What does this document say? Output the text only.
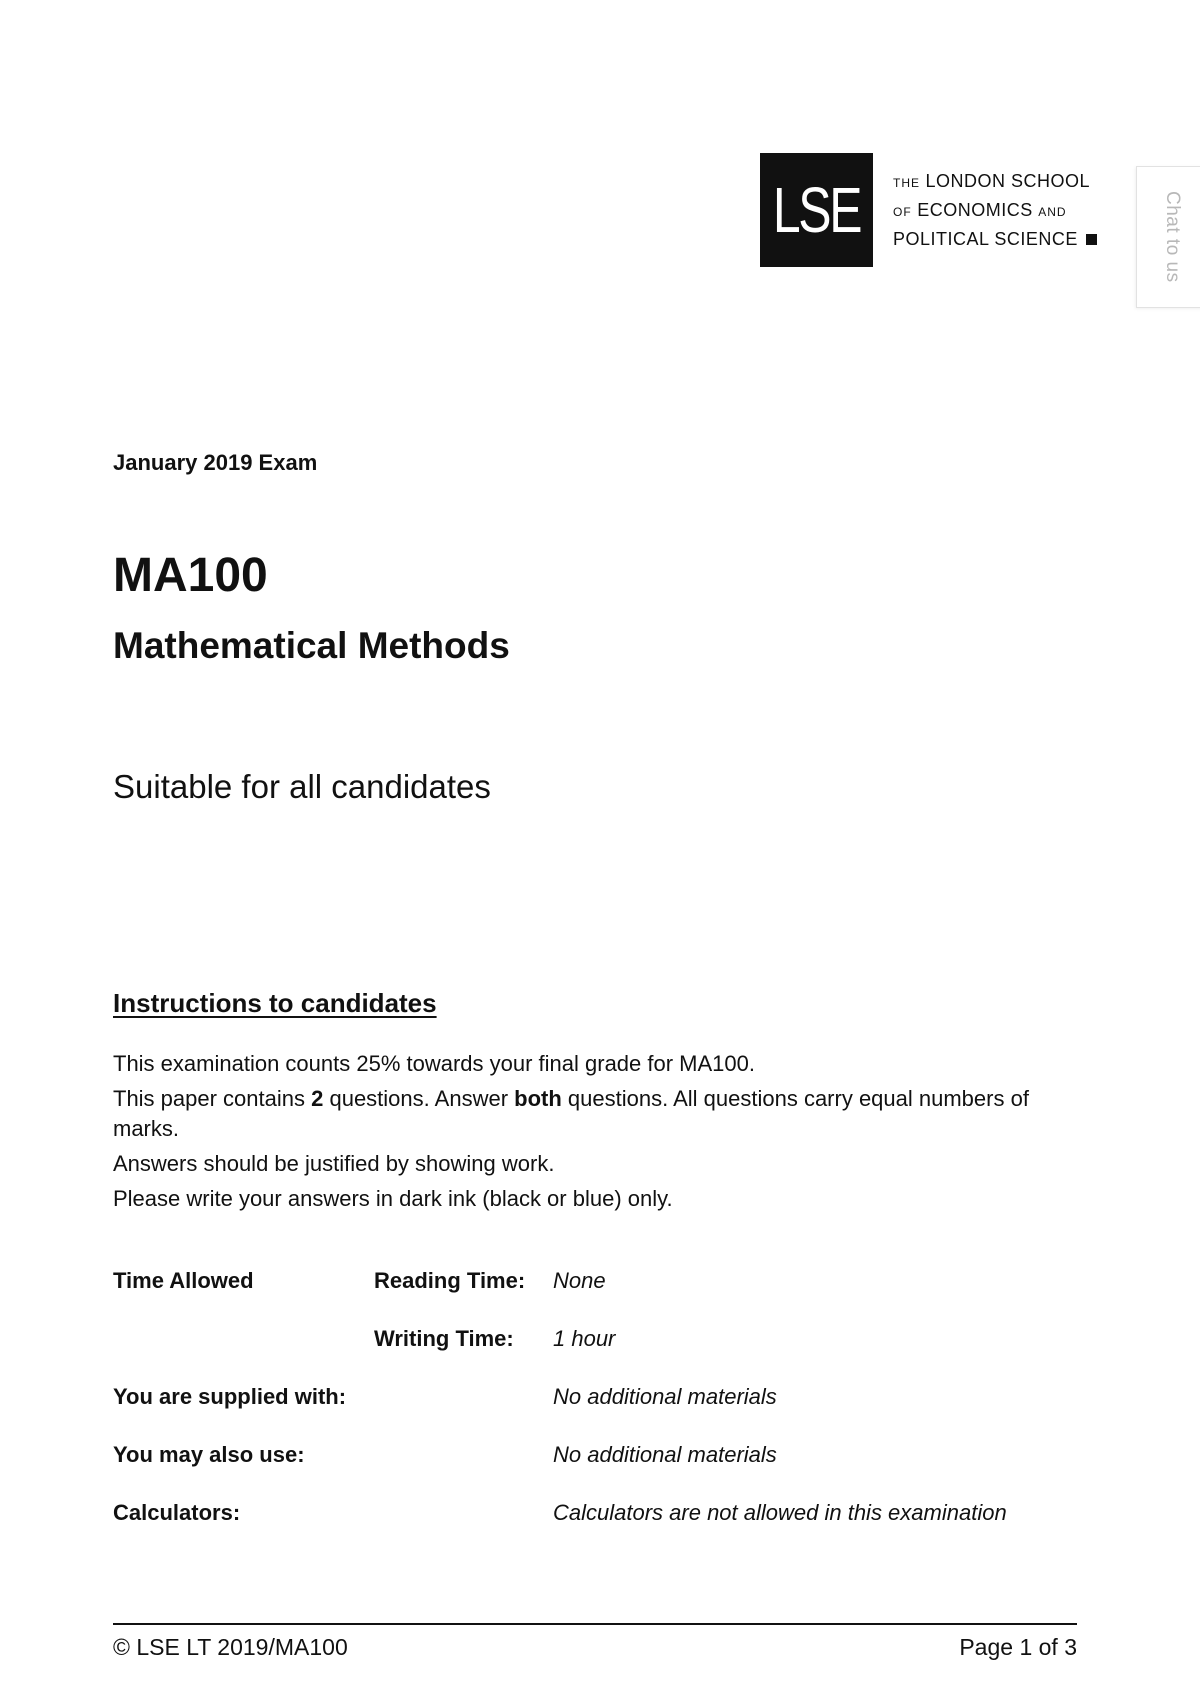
LSE	THE LONDON SCHOOL
OF ECONOMICS AND
POLITICAL SCIENCE	Chat to us
January 2019 Exam
MA100
Mathematical Methods
Suitable for all candidates
Instructions to candidates

This examination counts 25% towards your final grade for MA100.

This paper contains 2 questions. Answer both questions. All questions carry equal numbers of marks.

Answers should be justified by showing work.

Please write your answers in dark ink (black or blue) only.

Time Allowed	Reading Time: None
Writing Time: 1 hour
You are supplied with:	No additional materials
You may also use:	No additional materials
Calculators:	Calculators are not allowed in this examination
© LSE LT 2019/MA100	Page 1 of 3
